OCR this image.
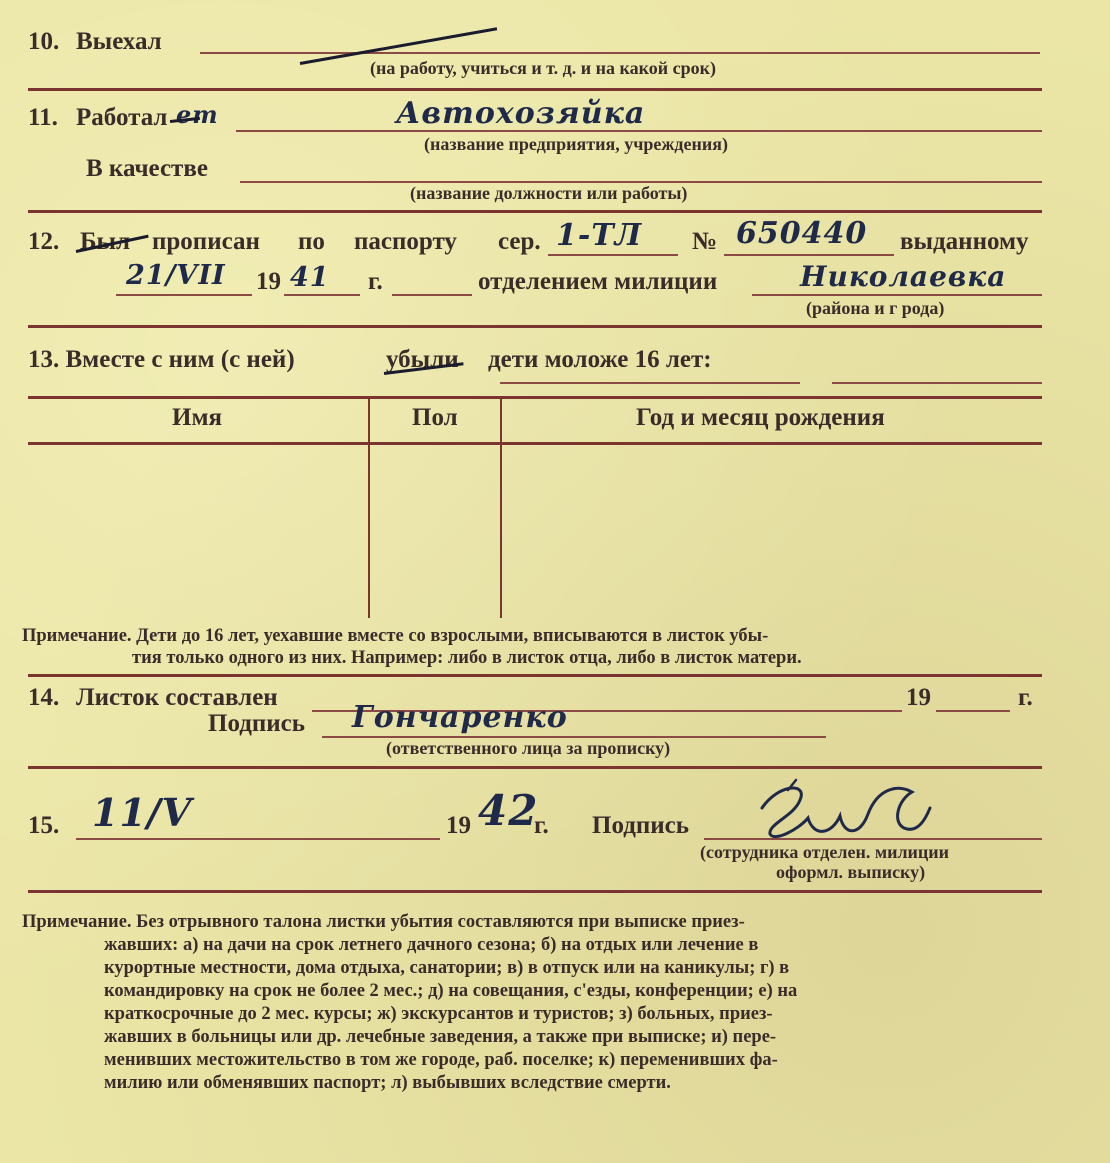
10. Выехал
(на работу, учиться и т. д. и на какой срок)
11. Работал ет	Автохозяйка
(название предприятия, учреждения)
В качестве
(название должности или работы)
12. Был прописан по паспорту сер. 1-ТЛ № 650440 выданному
21/VII 19 41 г.	отделением милиции	Николаевка
(района и г рода)
13. Вместе с ним (с ней)	убыли дети моложе 16 лет:
Имя	Пол	Год и месяц рождения
Примечание. Дети до 16 лет, уехавшие вместе со взрослыми, вписываются в листок убы-
тия только одного из них. Например: либо в листок отца, либо в листок матери.
14. Листок составлен	19	г.
Подпись Гончаренко
(ответственного лица за прописку)
15. 11/V	19 42
г. Подпись
(сотрудника отделен. милиции
оформл. выписку)
Примечание. Без отрывного талона листки убытия составляются при выписке приез-
жавших: а) на дачи на срок летнего дачного сезона; б) на отдых или лечение в
курортные местности, дома отдыха, санатории; в) в отпуск или на каникулы; г) в
командировку на срок не более 2 мес.; д) на совещания, с'езды, конференции; е) на
краткосрочные до 2 мес. курсы; ж) экскурсантов и туристов; з) больных, приез-
жавших в больницы или др. лечебные заведения, а также при выписке; и) пере-
менивших местожительство в том же городе, раб. поселке; к) переменивших фа-
милию или обменявших паспорт; л) выбывших вследствие смерти.
